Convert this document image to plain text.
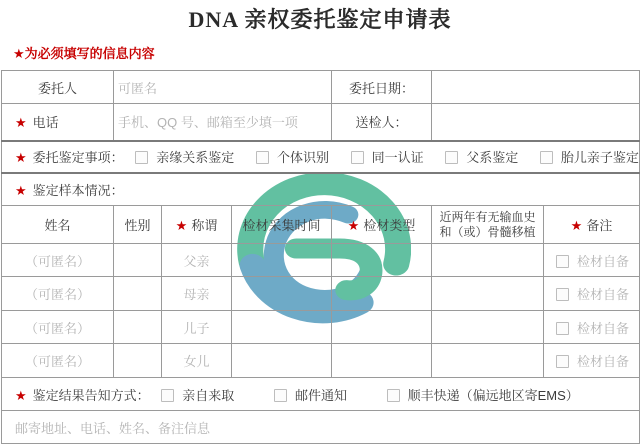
DNA 亲权委托鉴定申请表
★为必须填写的信息内容
委托人	可匿名			委托日期：		
★ 电话	手机、QQ 号、邮箱至少填一项			送检人：		
★ 委托鉴定事项： 亲缘关系鉴定 个体识别 同一认证 父系鉴定 胎儿亲子鉴定						
★ 鉴定样本情况：						
姓名	性别	★ 称谓	检材采集时间	★ 检材类型	近两年有无输血史和（或）骨髓移植	★ 备注
（可匿名）		父亲				检材自备
（可匿名）		母亲				检材自备
（可匿名）		儿子				检材自备
（可匿名）		女儿				检材自备
★ 鉴定结果告知方式： 亲自来取 邮件通知 顺丰快递（偏远地区寄EMS）						
邮寄地址、电话、姓名、备注信息						
